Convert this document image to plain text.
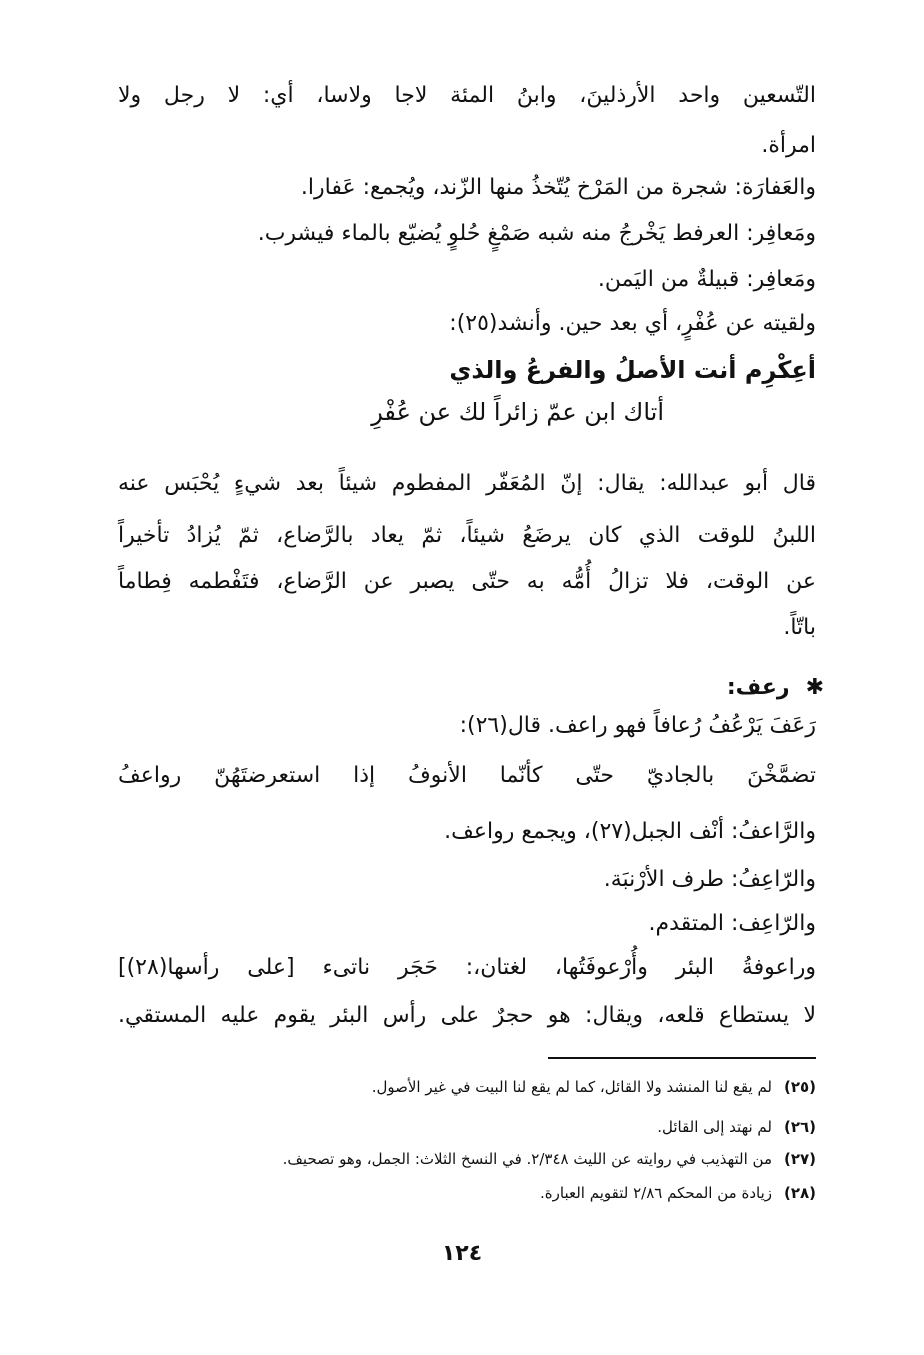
التّسعين واحد الأرذلينَ، وابنُ المئة لاجا ولاسا، أي: لا رجل ولا
امرأة.
والعَفارَة: شجرة من المَرْخ يُتّخذُ منها الزّند، ويُجمع: عَفارا.
ومَعافِر: العرفط يَخْرجُ منه شبه صَمْغٍ حُلوٍ يُضيّع بالماء فيشرب.
ومَعافِر: قبيلةٌ من اليَمن.
ولقيته عن عُفْرٍ، أي بعد حين. وأنشد(٢٥):
أعِكْرِم أنت الأصلُ والفرعُ والذي
أتاك ابن عمّ زائراً لك عن عُفْرِ
قال أبو عبدالله: يقال: إنّ المُعَفّر المفطوم شيئاً بعد شيءٍ يُحْبَس عنه
اللبنُ للوقت الذي كان يرضَعُ شيئاً، ثمّ يعاد بالرَّضاع، ثمّ يُزادُ تأخيراً
عن الوقت، فلا تزالُ أُمُّه به حتّى يصبر عن الرَّضاع، فتَفْطمه فِطاماً
باتّاً.
✱رعف:
رَعَفَ يَرْعُفُ رُعافاً فهو راعف. قال(٢٦):
تضمَّخْنَ بالجاديّ حتّى كأنّما الأنوفُ إذا استعرضتَهُنّ رواعفُ
والرَّاعفُ: أنْف الجبل(٢٧)، ويجمع رواعف.
والرّاعِفُ: طرف الأرْنبَة.
والرّاعِف: المتقدم.
وراعوفةُ البئر وأُرْعوفَتُها، لغتان،: حَجَر ناتىء [على رأسها(٢٨)]
لا يستطاع قلعه، ويقال: هو حجرٌ على رأس البئر يقوم عليه المستقي.
(٢٥)لم يقع لنا المنشد ولا القائل، كما لم يقع لنا البيت في غير الأصول.
(٢٦)لم نهتد إلى القائل.
(٢٧)من التهذيب في روايته عن الليث ٢/٣٤٨. في النسخ الثلاث: الجمل، وهو تصحيف.
(٢٨)زيادة من المحكم ٢/٨٦ لتقويم العبارة.
١٢٤
